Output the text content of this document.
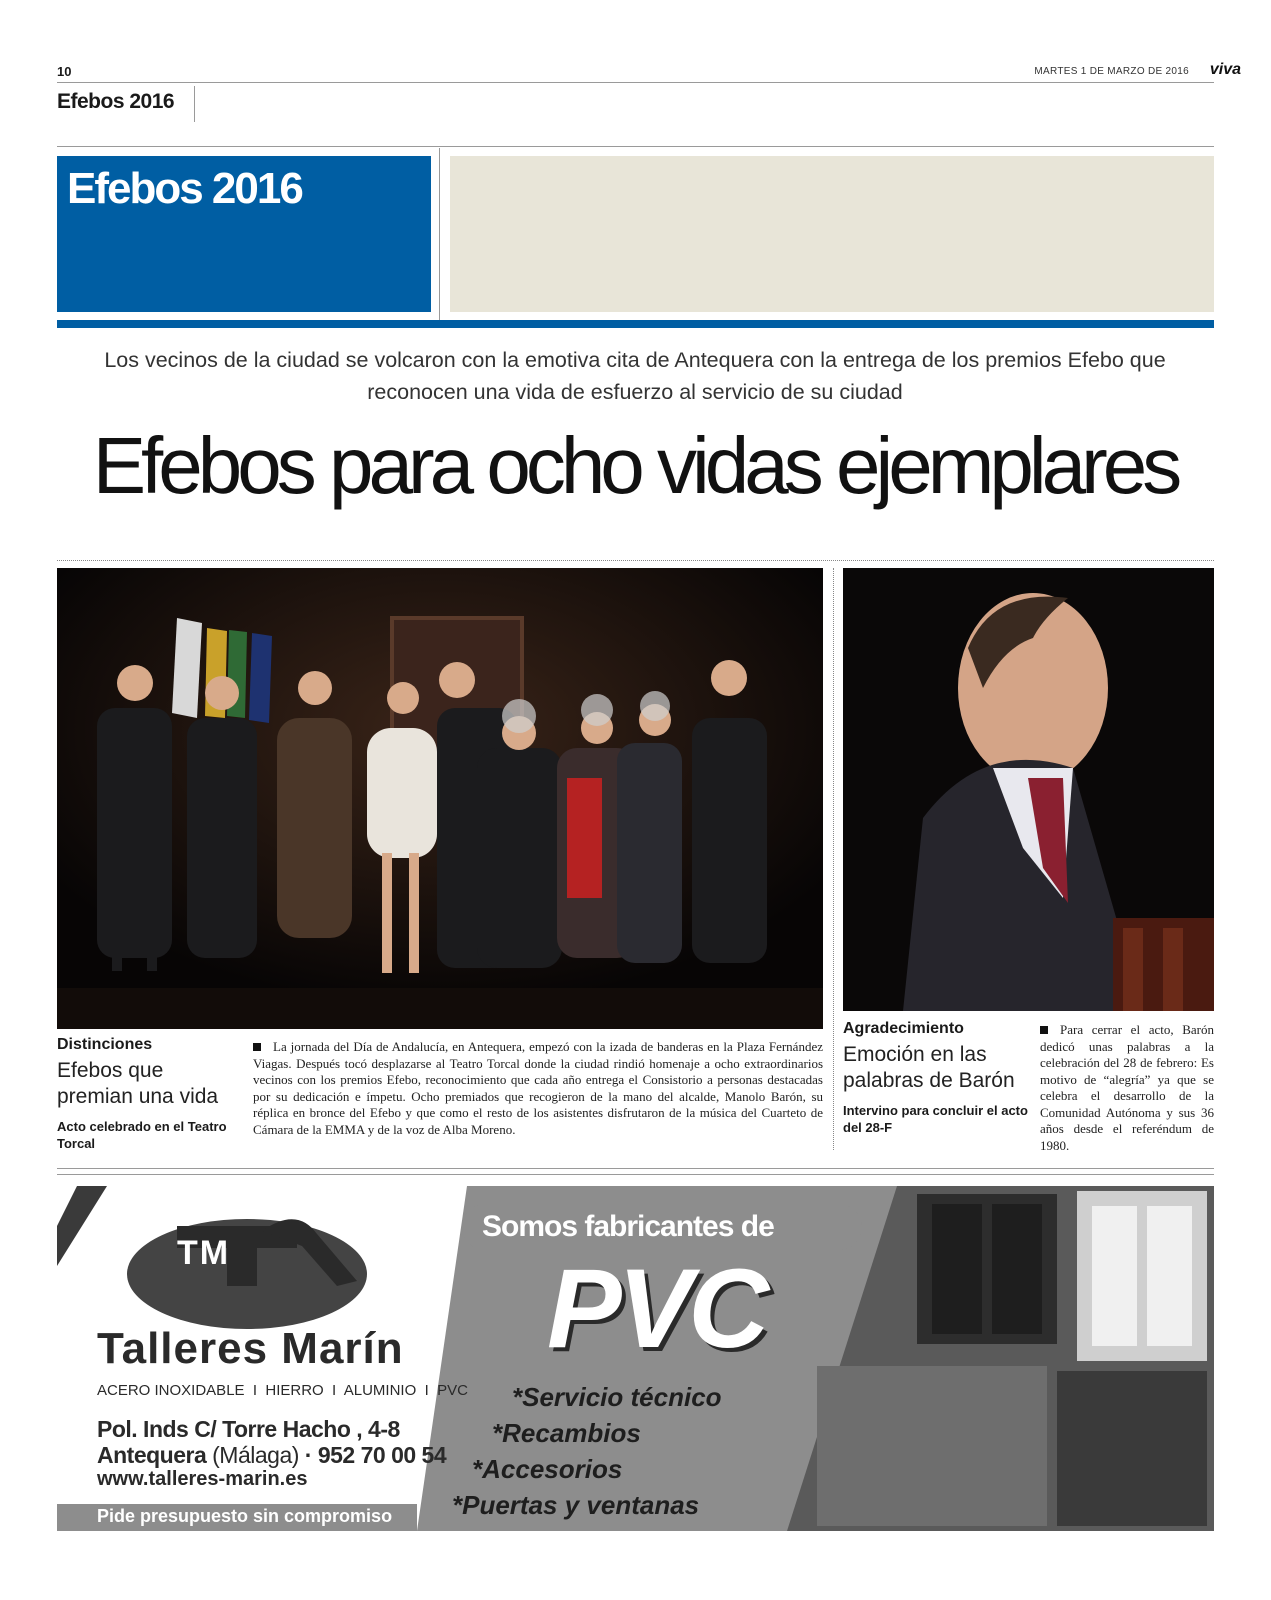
10	MARTES 1 DE MARZO DE 2016 viva
Efebos 2016
Efebos 2016
Los vecinos de la ciudad se volcaron con la emotiva cita de Antequera con la entrega de los premios Efebo que reconocen una vida de esfuerzo al servicio de su ciudad
Efebos para ocho vidas ejemplares
Distinciones
Efebos que premian una vida
Acto celebrado en el Teatro Torcal
La jornada del Día de Andalucía, en Antequera, empezó con la izada de banderas en la Plaza Fernández Viagas. Después tocó desplazarse al Teatro Torcal donde la ciudad rindió homenaje a ocho extraordinarios vecinos con los premios Efebo, reconocimiento que cada año entrega el Consistorio a personas destacadas por su dedicación e ímpetu. Ocho premiados que recogieron de la mano del alcalde, Manolo Barón, su réplica en bronce del Efebo y que como el resto de los asistentes disfrutaron de la música del Cuarteto de Cámara de la EMMA y de la voz de Alba Moreno.
Agradecimiento
Emoción en las palabras de Barón
Intervino para concluir el acto del 28-F
Para cerrar el acto, Barón dedicó unas palabras a la celebración del 28 de febrero: Es motivo de “alegría” ya que se celebra el desarrollo de la Comunidad Autónoma y sus 36 años desde el referéndum de 1980.
TM
Talleres Marín
ACERO INOXIDABLE  I  HIERRO  I  ALUMINIO  I  PVC
Pol. Inds C/ Torre Hacho , 4-8
Antequera (Málaga) · 952 70 00 54
www.talleres-marin.es
Pide presupuesto sin compromiso
Somos fabricantes de
PVC
*Servicio técnico
*Recambios
*Accesorios
*Puertas y ventanas
